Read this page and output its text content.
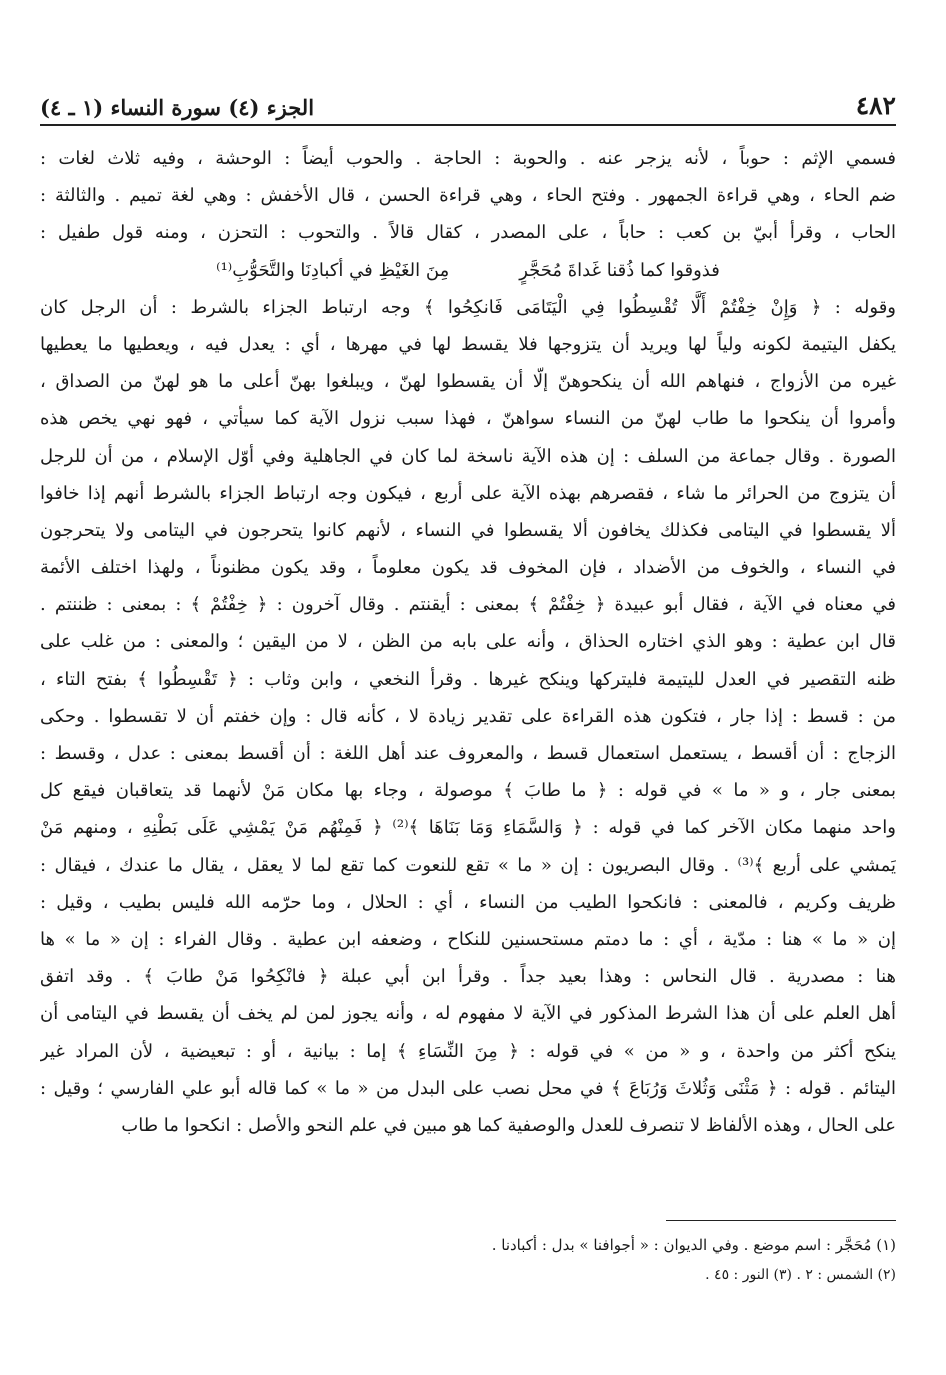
٤٨٢
الجزء (٤) سورة النساء (١ ـ ٤)
فسمي الإثم : حوباً ، لأنه يزجر عنه . والحوبة : الحاجة . والحوب أيضاً : الوحشة ، وفيه ثلاث لغات :
ضم الحاء ، وهي قراءة الجمهور . وفتح الحاء ، وهي قراءة الحسن ، قال الأخفش : وهي لغة تميم . والثالثة :
الحاب ، وقرأ أبيّ بن كعب : حاباً ، على المصدر ، كقال قالاً . والتحوب : التحزن ، ومنه قول طفيل :
فذوقوا كما ذُقنا غَداةَ مُحَجَّرٍ
مِنَ الغَيْظِ في أكبادِنَا والتَّحَوُّبِ⁽¹⁾
وقوله : ﴿ وَإِنْ خِفْتُمْ أَلَّا تُقْسِطُوا فِي الْيَتَامَى فَانكِحُوا ﴾ وجه ارتباط الجزاء بالشرط : أن الرجل كان
يكفل اليتيمة لكونه ولياً لها ويريد أن يتزوجها فلا يقسط لها في مهرها ، أي : يعدل فيه ، ويعطيها ما يعطيها
غيره من الأزواج ، فنهاهم الله أن ينكحوهنّ إلّا أن يقسطوا لهنّ ، ويبلغوا بهنّ أعلى ما هو لهنّ من الصداق ،
وأمروا أن ينكحوا ما طاب لهنّ من النساء سواهنّ ، فهذا سبب نزول الآية كما سيأتي ، فهو نهي يخص هذه
الصورة . وقال جماعة من السلف : إن هذه الآية ناسخة لما كان في الجاهلية وفي أوّل الإسلام ، من أن للرجل
أن يتزوج من الحرائر ما شاء ، فقصرهم بهذه الآية على أربع ، فيكون وجه ارتباط الجزاء بالشرط أنهم إذا خافوا
ألا يقسطوا في اليتامى فكذلك يخافون ألا يقسطوا في النساء ، لأنهم كانوا يتحرجون في اليتامى ولا يتحرجون
في النساء ، والخوف من الأضداد ، فإن المخوف قد يكون معلوماً ، وقد يكون مظنوناً ، ولهذا اختلف الأئمة
في معناه في الآية ، فقال أبو عبيدة ﴿ خِفْتُمْ ﴾ بمعنى : أيقنتم . وقال آخرون : ﴿ خِفْتُمْ ﴾ : بمعنى : ظننتم .
قال ابن عطية : وهو الذي اختاره الحذاق ، وأنه على بابه من الظن ، لا من اليقين ؛ والمعنى : من غلب على
ظنه التقصير في العدل لليتيمة فليتركها وينكح غيرها . وقرأ النخعي ، وابن وثاب : ﴿ تَقْسِطُوا ﴾ بفتح التاء ،
من : قسط : إذا جار ، فتكون هذه القراءة على تقدير زيادة لا ، كأنه قال : وإن خفتم أن لا تقسطوا . وحكى
الزجاج : أن أقسط ، يستعمل استعمال قسط ، والمعروف عند أهل اللغة : أن أقسط بمعنى : عدل ، وقسط :
بمعنى جار ، و « ما » في قوله : ﴿ ما طابَ ﴾ موصولة ، وجاء بها مكان مَنْ لأنهما قد يتعاقبان فيقع كل
واحد منهما مكان الآخر كما في قوله : ﴿ وَالسَّمَاءِ وَمَا بَنَاهَا ﴾⁽²⁾ ﴿ فَمِنْهُم مَنْ يَمْشِي عَلَى بَطْنِهِ ، ومنهم مَنْ
يَمشي على أربع ﴾⁽³⁾ . وقال البصريون : إن « ما » تقع للنعوت كما تقع لما لا يعقل ، يقال ما عندك ، فيقال :
ظريف وكريم ، فالمعنى : فانكحوا الطيب من النساء ، أي : الحلال ، وما حرّمه الله فليس بطيب ، وقيل :
إن « ما » هنا : مدّية ، أي : ما دمتم مستحسنين للنكاح ، وضعفه ابن عطية . وقال الفراء : إن « ما » ها
هنا : مصدرية . قال النحاس : وهذا بعيد جداً . وقرأ ابن أبي عبلة ﴿ فانْكِحُوا مَنْ طابَ ﴾ . وقد اتفق
أهل العلم على أن هذا الشرط المذكور في الآية لا مفهوم له ، وأنه يجوز لمن لم يخف أن يقسط في اليتامى أن
ينكح أكثر من واحدة ، و « من » في قوله : ﴿ مِنَ النِّسَاءِ ﴾ إما : بيانية ، أو : تبعيضية ، لأن المراد غير
اليتائم . قوله : ﴿ مَثْنَى وَثُلاثَ وَرُبَاعَ ﴾ في محل نصب على البدل من « ما » كما قاله أبو علي الفارسي ؛ وقيل :
على الحال ، وهذه الألفاظ لا تنصرف للعدل والوصفية كما هو مبين في علم النحو والأصل : انكحوا ما طاب
(١) مُحَجَّر : اسم موضع . وفي الديوان : « أجوافنا » بدل : أكبادنا .
(٢) الشمس : ٢ . (٣) النور : ٤٥ .
